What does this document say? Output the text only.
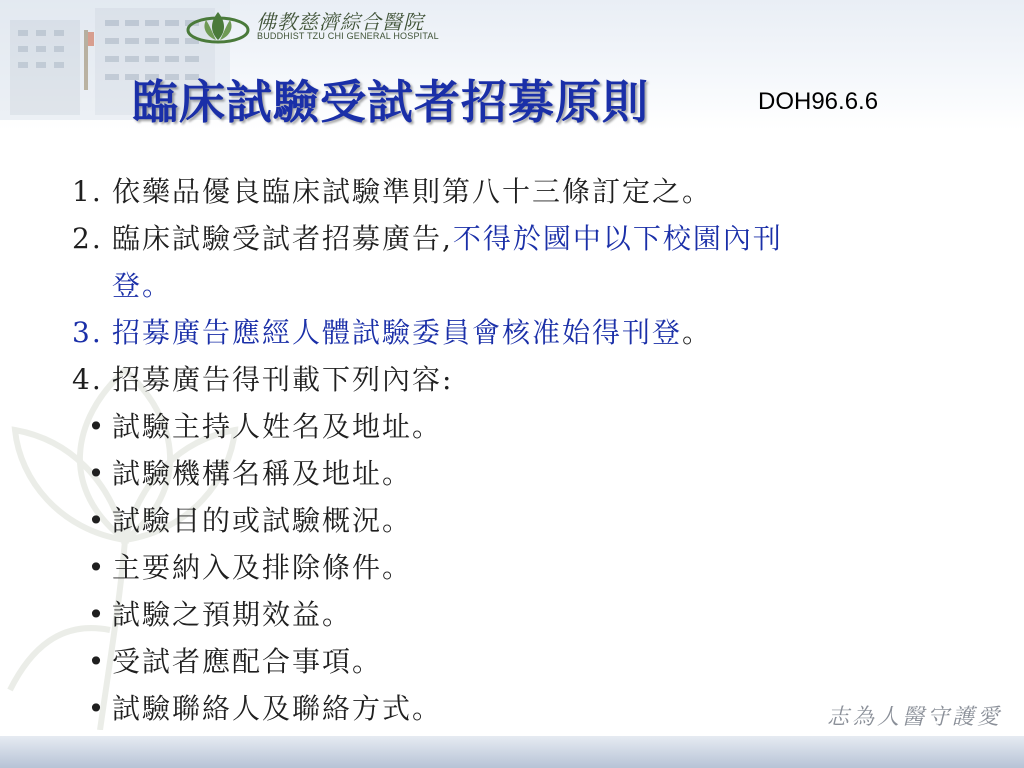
佛教慈濟綜合醫院
BUDDHIST TZU CHI GENERAL HOSPITAL
臨床試驗受試者招募原則	DOH96.6.6
1. 依藥品優良臨床試驗準則第八十三條訂定之。
2. 臨床試驗受試者招募廣告,不得於國中以下校園內刊
登。
3. 招募廣告應經人體試驗委員會核准始得刊登。
4. 招募廣告得刊載下列內容:
• 試驗主持人姓名及地址。
• 試驗機構名稱及地址。
• 試驗目的或試驗概況。
• 主要納入及排除條件。
• 試驗之預期效益。
• 受試者應配合事項。
• 試驗聯絡人及聯絡方式。	志為人醫守護愛
